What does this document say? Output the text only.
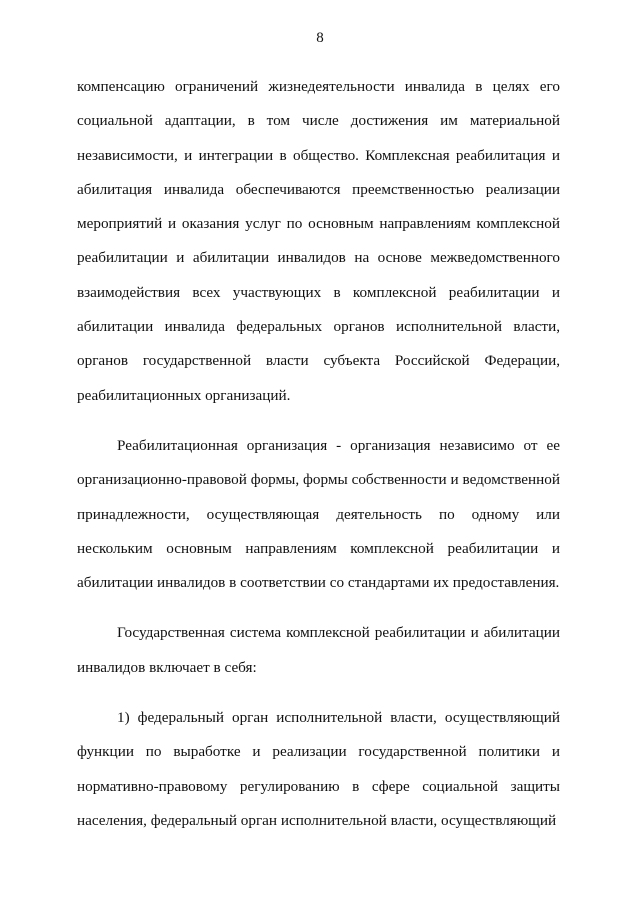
8

компенсацию ограничений жизнедеятельности инвалида в целях его социальной адаптации, в том числе достижения им материальной независимости, и интеграции в общество. Комплексная реабилитация и абилитация инвалида обеспечиваются преемственностью реализации мероприятий и оказания услуг по основным направлениям комплексной реабилитации и абилитации инвалидов на основе межведомственного взаимодействия всех участвующих в комплексной реабилитации и абилитации инвалида федеральных органов исполнительной власти, органов государственной власти субъекта Российской Федерации, реабилитационных организаций.

Реабилитационная организация - организация независимо от ее организационно-правовой формы, формы собственности и ведомственной принадлежности, осуществляющая деятельность по одному или нескольким основным направлениям комплексной реабилитации и абилитации инвалидов в соответствии со стандартами их предоставления.

Государственная система комплексной реабилитации и абилитации инвалидов включает в себя:

1) федеральный орган исполнительной власти, осуществляющий функции по выработке и реализации государственной политики и нормативно-правовому регулированию в сфере социальной защиты населения, федеральный орган исполнительной власти, осуществляющий
